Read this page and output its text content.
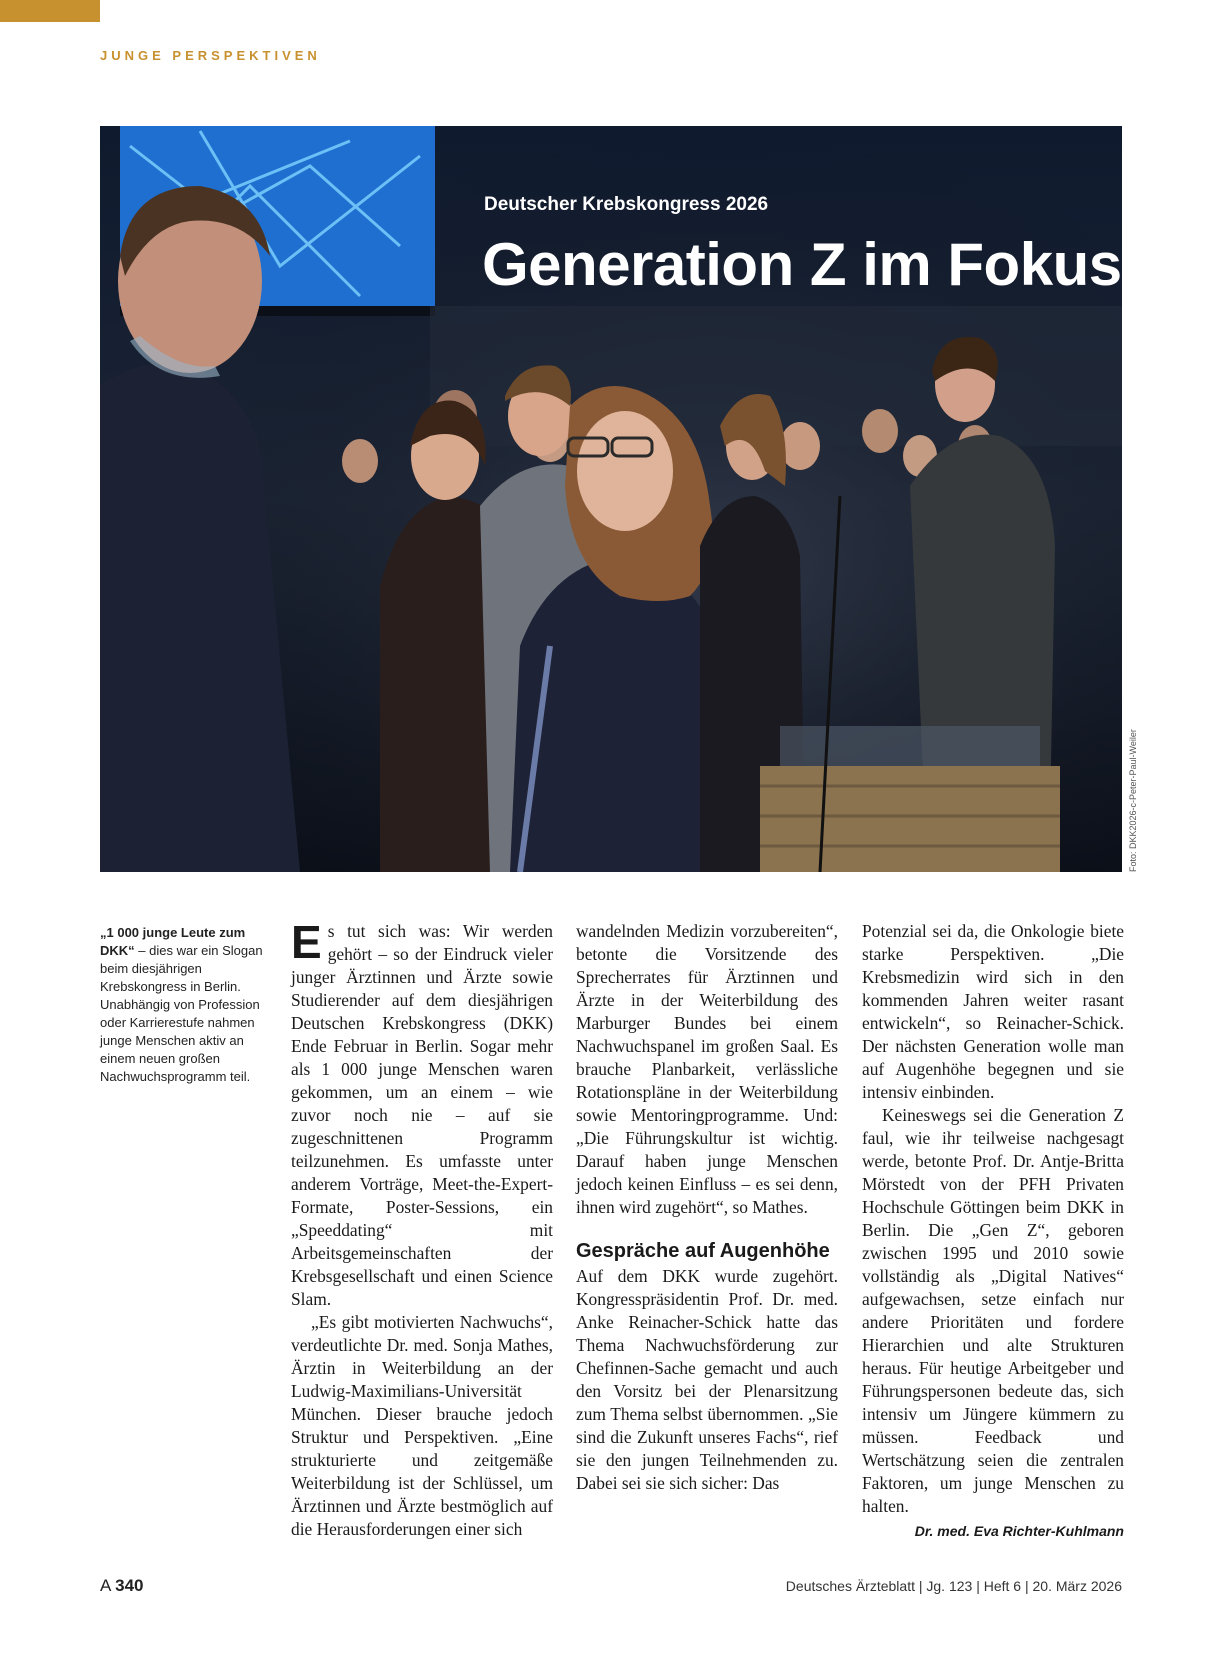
JUNGE PERSPEKTIVEN
Deutscher Krebskongress 2026
Generation Z im Fokus
Foto: DKK2026-c-Peter-Paul-Weiler
„1 000 junge Leute zum DKK“ – dies war ein Slogan beim diesjährigen Krebskongress in Berlin. Unabhängig von Profession oder Karrierestufe nahmen junge Menschen aktiv an einem neuen großen Nachwuchsprogramm teil.

Es tut sich was: Wir werden gehört – so der Eindruck vieler junger Ärztinnen und Ärzte sowie Studierender auf dem diesjährigen Deutschen Krebskongress (DKK) Ende Februar in Berlin. Sogar mehr als 1 000 junge Menschen waren gekommen, um an einem – wie zuvor noch nie – auf sie zugeschnittenen Programm teilzunehmen. Es umfasste unter anderem Vorträge, Meet-the-Expert-Formate, Poster-Sessions, ein „Speeddating“ mit Arbeitsgemeinschaften der Krebsgesellschaft und einen Science Slam.

„Es gibt motivierten Nachwuchs“, verdeutlichte Dr. med. Sonja Mathes, Ärztin in Weiterbildung an der Ludwig-Maximilians-Universität München. Dieser brauche jedoch Struktur und Perspektiven. „Eine strukturierte und zeitgemäße Weiterbildung ist der Schlüssel, um Ärztinnen und Ärzte bestmöglich auf die Herausforderungen einer sich

wandelnden Medizin vorzubereiten“, betonte die Vorsitzende des Sprecherrates für Ärztinnen und Ärzte in der Weiterbildung des Marburger Bundes bei einem Nachwuchspanel im großen Saal. Es brauche Planbarkeit, verlässliche Rotationspläne in der Weiterbildung sowie Mentoringprogramme. Und: „Die Führungskultur ist wichtig. Darauf haben junge Menschen jedoch keinen Einfluss – es sei denn, ihnen wird zugehört“, so Mathes.

Gespräche auf Augenhöhe

Auf dem DKK wurde zugehört. Kongresspräsidentin Prof. Dr. med. Anke Reinacher-Schick hatte das Thema Nachwuchsförderung zur Chefinnen-Sache gemacht und auch den Vorsitz bei der Plenarsitzung zum Thema selbst übernommen. „Sie sind die Zukunft unseres Fachs“, rief sie den jungen Teilnehmenden zu. Dabei sei sie sich sicher: Das

Potenzial sei da, die Onkologie biete starke Perspektiven. „Die Krebsmedizin wird sich in den kommenden Jahren weiter rasant entwickeln“, so Reinacher-Schick. Der nächsten Generation wolle man auf Augenhöhe begegnen und sie intensiv einbinden.

Keineswegs sei die Generation Z faul, wie ihr teilweise nachgesagt werde, betonte Prof. Dr. Antje-Britta Mörstedt von der PFH Privaten Hochschule Göttingen beim DKK in Berlin. Die „Gen Z“, geboren zwischen 1995 und 2010 sowie vollständig als „Digital Natives“ aufgewachsen, setze einfach nur andere Prioritäten und fordere Hierarchien und alte Strukturen heraus. Für heutige Arbeitgeber und Führungspersonen bedeute das, sich intensiv um Jüngere kümmern zu müssen. Feedback und Wertschätzung seien die zentralen Faktoren, um junge Menschen zu halten.

Dr. med. Eva Richter-Kuhlmann
A 340	Deutsches Ärzteblatt | Jg. 123 | Heft 6 | 20. März 2026
